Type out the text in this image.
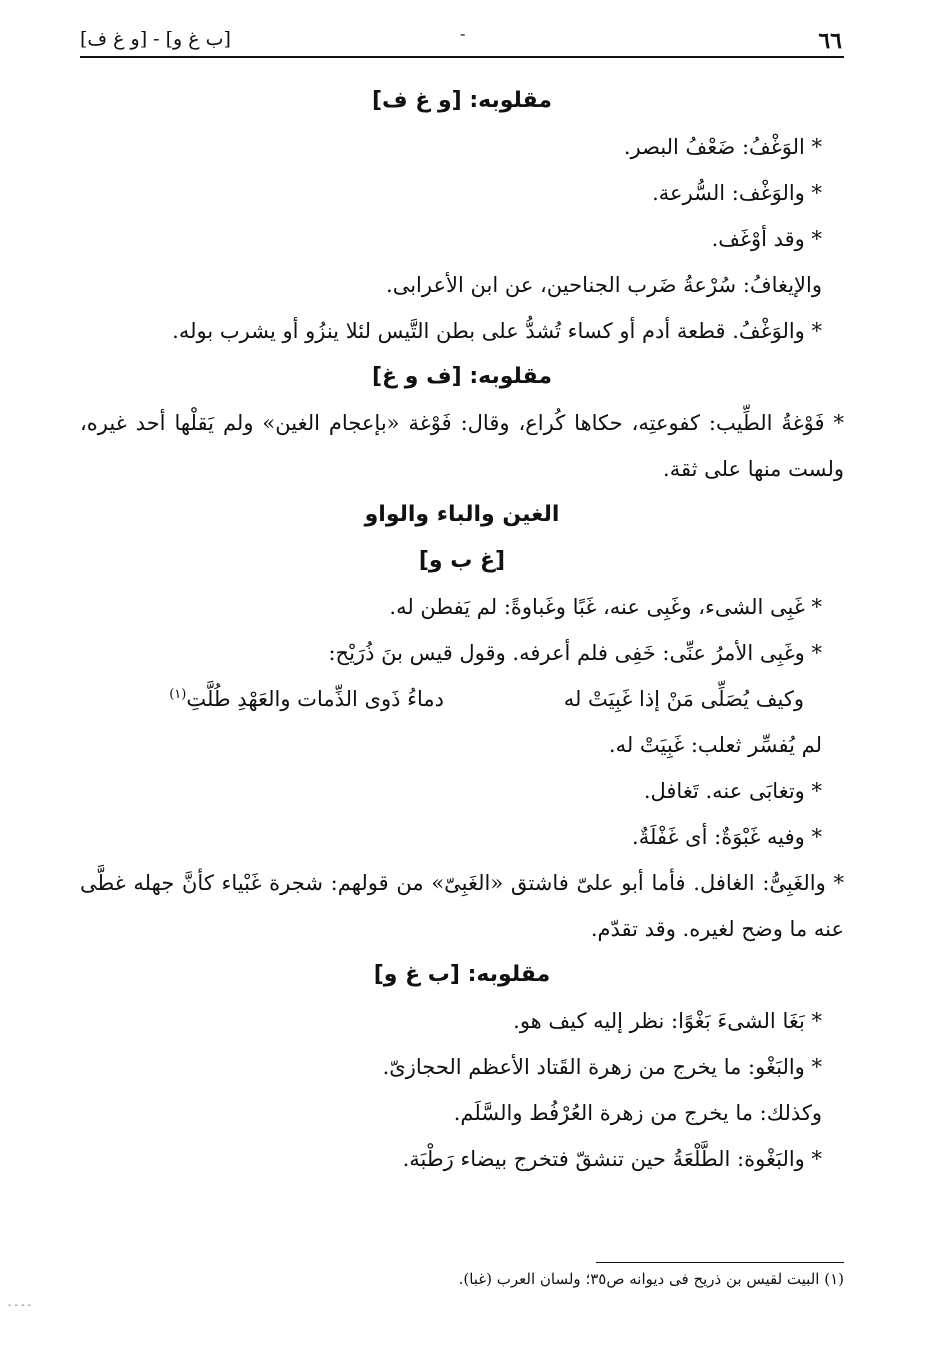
٦٦
-
[و غ ف] - [ب غ و]

مقلوبه: [و غ ف]

* الوَغْفُ: ضَعْفُ البصر.

* والوَغْف: السُّرعة.

* وقد أوْغَف.

والإيغافُ: سُرْعةُ ضَرب الجناحين، عن ابن الأعرابى.

* والوَغْفُ. قطعة أدم أو كساء تُشدُّ على بطن التَّيس لئلا ينزُو أو يشرب بوله.

مقلوبه: [ف و غ]

* فَوْغةُ الطِّيب: كفوعتِه، حكاها كُراع، وقال: فَوْغة «بإعجام الغين» ولم يَقلْها أحد غيره، ولست منها على ثقة.

الغين والباء والواو

[غ ب و]

* غَبِى الشىء، وغَبِى عنه، غَبًا وغَباوةً: لم يَفطن له.

* وغَبِى الأمرُ عنِّى: خَفِى فلم أعرفه. وقول قيس بنَ ذُرَيْح:

وكيف يُصَلِّى مَنْ إذا غَبِيَتْ له
دماءُ ذَوى الذِّمات والعَهْدِ طُلَّتِ$^{(١)}$

لم يُفسِّر ثعلب: غَبِيَتْ له.

* وتغابَى عنه. تَغافل.

* وفيه غَبْوَةٌ: أى غَفْلَةٌ.

* والغَبِىُّ: الغافل. فأما أبو علىّ فاشتق «الغَبِىّ» من قولهم: شجرة غَبْياء كأنَّ جهله غطَّى عنه ما وضح لغيره. وقد تقدّم.

مقلوبه: [ب غ و]

* بَغَا الشىءَ بَغْوًا: نظر إليه كيف هو.

* والبَغْو: ما يخرج من زهرة القَتاد الأعظم الحجازىّ.

وكذلك: ما يخرج من زهرة العُرْفُط والسَّلَم.

* والبَغْوة: الطَّلْعَةُ حين تنشقّ فتخرج بيضاء رَطْبَة.

(١) البيت لقيس بن ذريح فى ديوانه ص٣٥؛ ولسان العرب (غبا).
- - - -
